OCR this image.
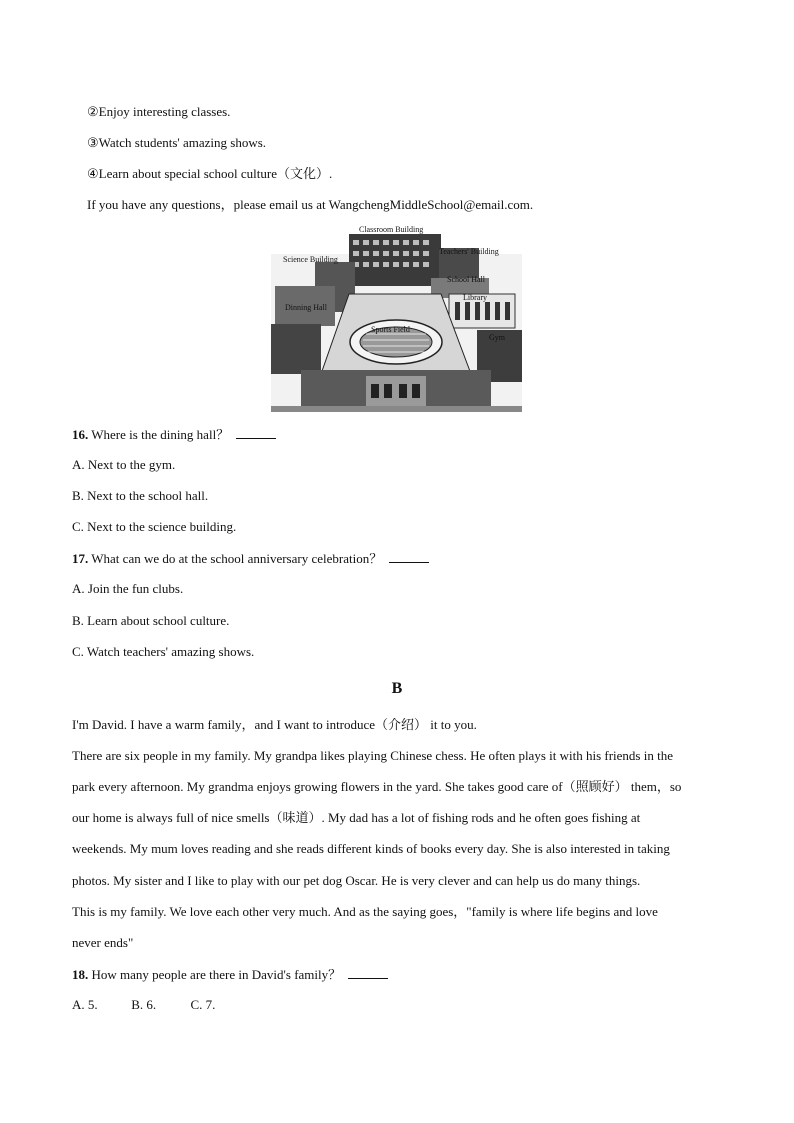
②Enjoy interesting classes.
③Watch students' amazing shows.
④Learn about special school culture（文化）.
If you have any questions，please email us at WangchengMiddleSchool@email.com.
Classroom Building
Teachers' Building
Science Building
School Hall
Library
Dinning Hall
Sports Field
Gym
16. Where is the dining hall？
A. Next to the gym.
B. Next to the school hall.
C. Next to the science building.
17. What can we do at the school anniversary celebration？
A. Join the fun clubs.
B. Learn about school culture.
C. Watch teachers' amazing shows.
B
I'm David. I have a warm family，and I want to introduce（介绍） it to you.
There are six people in my family. My grandpa likes playing Chinese chess. He often plays it with his friends in the
park every afternoon. My grandma enjoys growing flowers in the yard. She takes good care of（照顾好） them，so
our home is always full of nice smells（味道）. My dad has a lot of fishing rods and he often goes fishing at
weekends. My mum loves reading and she reads different kinds of books every day. She is also interested in taking
photos. My sister and I like to play with our pet dog Oscar. He is very clever and can help us do many things.
This is my family. We love each other very much. And as the saying goes，"family is where life begins and love
never ends"
18. How many people are there in David's family？
A. 5.	B. 6.	C. 7.
